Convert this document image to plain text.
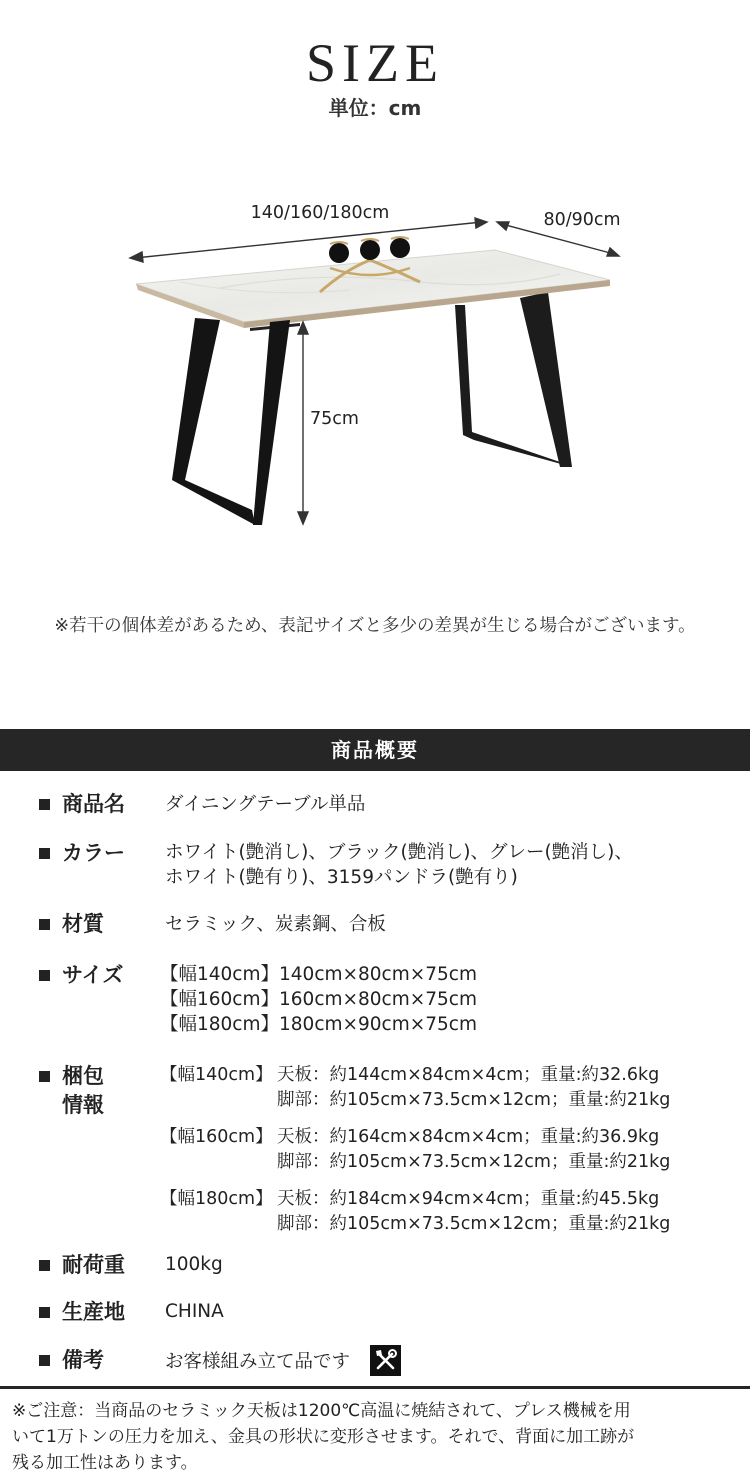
SIZE
単位：cm
140/160/180cm	80/90cm
75cm
※若干の個体差があるため、表記サイズと多少の差異が生じる場合がございます。
商品概要
商品名 ダイニングテーブル単品
カラー ホワイト(艶消し)、ブラック(艶消し)、グレー(艶消し)、
ホワイト(艶有り)、3159パンドラ(艶有り)
材質	セラミック、炭素鋼、合板
サイズ 【幅140cm】140cm×80cm×75cm
【幅160cm】160cm×80cm×75cm
【幅180cm】180cm×90cm×75cm
梱包
情報
【幅140cm】 天板：約144cm×84cm×4cm；重量:約32.6kg
脚部：約105cm×73.5cm×12cm；重量:約21kg
【幅160cm】 天板：約164cm×84cm×4cm；重量:約36.9kg
脚部：約105cm×73.5cm×12cm；重量:約21kg
【幅180cm】 天板：約184cm×94cm×4cm；重量:約45.5kg
脚部：約105cm×73.5cm×12cm；重量:約21kg
耐荷重 100kg
生産地 CHINA
備考	お客様組み立て品です
※ご注意：当商品のセラミック天板は1200℃高温に焼結されて、プレス機械を用
いて1万トンの圧力を加え、金具の形状に変形させます。それで、背面に加工跡が
残る加工性はあります。
